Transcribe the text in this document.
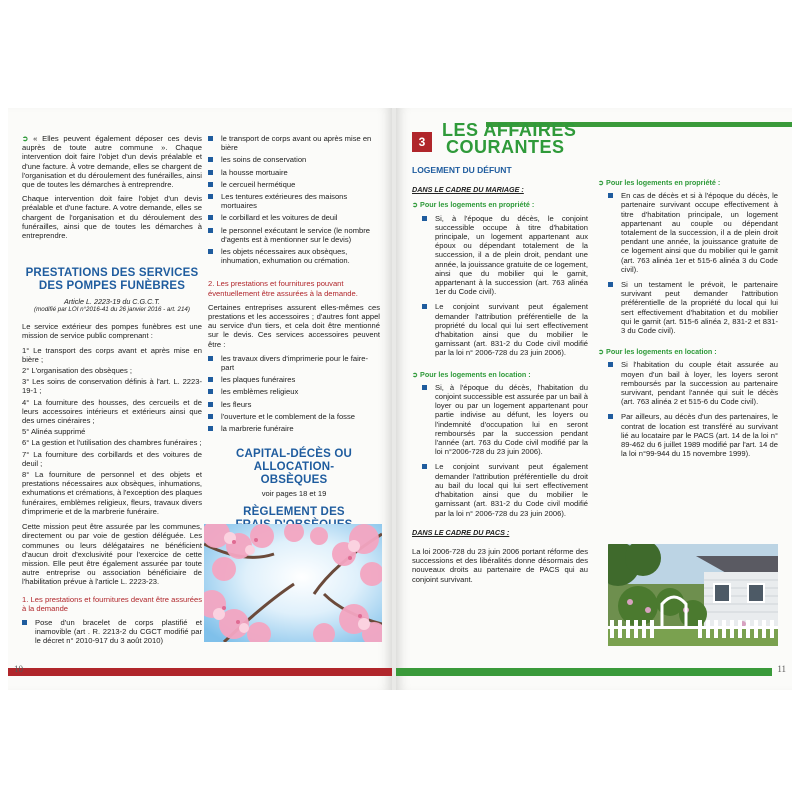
➲ « Elles peuvent également déposer ces devis auprès de toute autre commune ». Chaque intervention doit faire l'objet d'un devis préalable et d'une facture. À votre demande, elles se chargent de l'organisation et du déroulement des funérailles, ainsi que de toutes les démarches à entreprendre.

Chaque intervention doit faire l'objet d'un devis préalable et d'une facture. A votre demande, elles se chargent de l'organisation et du déroulement des funérailles, ainsi que de toutes les démarches à entreprendre.

PRESTATIONS DES SERVICES DES POMPES FUNÈBRES
Article L. 2223-19 du C.G.C.T.
(modifié par LOI n°2016-41 du 26 janvier 2016 - art. 214)

Le service extérieur des pompes funèbres est une mission de service public comprenant :

1° Le transport des corps avant et après mise en bière ;
2° L'organisation des obsèques ;
3° Les soins de conservation définis à l'art. L. 2223-19-1 ;
4° La fourniture des housses, des cercueils et de leurs accessoires intérieurs et extérieurs ainsi que des urnes cinéraires ;
5° Alinéa supprimé
6° La gestion et l'utilisation des chambres funéraires ;
7° La fourniture des corbillards et des voitures de deuil ;
8° La fourniture de personnel et des objets et prestations nécessaires aux obsèques, inhumations, exhumations et crémations, à l'exception des plaques funéraires, emblèmes religieux, fleurs, travaux divers d'imprimerie et de la marbrerie funéraire.

Cette mission peut être assurée par les communes, directement ou par voie de gestion déléguée. Les communes ou leurs délégataires ne bénéficient d'aucun droit d'exclusivité pour l'exercice de cette mission. Elle peut être également assurée par toute autre entreprise ou association bénéficiaire de l'habilitation prévue à l'article L. 2223-23.

1. Les prestations et fournitures devant être assurées à la demande

Pose d'un bracelet de corps plastifié et inamovible (art . R. 2213-2 du CGCT modifié par le décret n° 2010-917 du 3 août 2010)
le transport de corps avant ou après mise en bière
les soins de conservation
la housse mortuaire
le cercueil hermétique
Les tentures extérieures des maisons mortuaires
le corbillard et les voitures de deuil
le personnel exécutant le service (le nombre d'agents est à mentionner sur le devis)
les objets nécessaires aux obsèques, inhumation, exhumation ou crémation.

2. Les prestations et fournitures pouvant éventuellement être assurées à la demande.

Certaines entreprises assurent elles-mêmes ces prestations et les accessoires ; d'autres font appel au service d'un tiers, et cela doit être mentionné sur le devis. Ces services accessoires peuvent être :

les travaux divers d'imprimerie pour le faire-part
les plaques funéraires
les emblèmes religieux
les fleurs
l'ouverture et le comblement de la fosse
la marbrerie funéraire
CAPITAL-DÉCÈS OU ALLOCATION-OBSÈQUES
voir pages 18 et 19
RÈGLEMENT DES
10
3
LES AFFAIRES
COURANTES
LOGEMENT DU DÉFUNT
DANS LE CADRE DU MARIAGE :
➲ Pour les logements en propriété :
Si, à l'époque du décès, le conjoint successible occupe à titre d'habitation principale, un logement appartenant aux époux ou dépendant totalement de la succession, il a de plein droit, pendant une année, la jouissance gratuite de ce logement, ainsi que du mobilier qui le garnit, appartenant à la succession (art. 763 alinéa 1er du Code civil).
Le conjoint survivant peut également demander l'attribution préférentielle de la propriété du local qui lui sert effectivement d'habitation ainsi que du mobilier le garnissant (art. 831-2 du Code civil modifié par la loi n° 2006-728 du 23 juin 2006).
➲ Pour les logements en location :
Si, à l'époque du décès, l'habitation du conjoint successible est assurée par un bail à loyer ou par un logement appartenant pour partie indivise au défunt, les loyers ou l'indemnité d'occupation lui en seront remboursés par la succession pendant l'année (art. 763 du Code civil modifié par la loi n°2006-728 du 23 juin 2006).
Le conjoint survivant peut également demander l'attribution préférentielle du droit au bail du local qui lui sert effectivement d'habitation ainsi que du mobilier le garnissant (art. 831-2 du Code civil modifié par la loi n° 2006-728 du 23 juin 2006).
DANS LE CADRE DU PACS :

La loi 2006-728 du 23 juin 2006 portant réforme des successions et des libéralités donne désormais des nouveaux droits au partenaire de PACS qui au conjoint survivant.

➲ Pour les logements en propriété :
En cas de décès et si à l'époque du décès, le partenaire survivant occupe effectivement à titre d'habitation principale, un logement appartenant au couple ou dépendant totalement de la succession, il a de plein droit pendant une année, la jouissance gratuite de ce logement ainsi que du mobilier qui le garnit (art. 763 alinéa 1er et 515-6 alinéa 3 du Code civil).
Si un testament le prévoit, le partenaire survivant peut demander l'attribution préférentielle de la propriété du local qui lui sert effectivement d'habitation et du mobilier qui le garnit (art. 515-6 alinéa 2, 831-2 et 831-3 du Code civil).
➲ Pour les logements en location :
Si l'habitation du couple était assurée au moyen d'un bail à loyer, les loyers seront remboursés par la succession au partenaire survivant, pendant l'année qui suit le décès (art. 763 alinéa 2 et 515-6 du Code civil).
Par ailleurs, au décès d'un des partenaires, le contrat de location est transféré au survivant lié au locataire par le PACS (art. 14 de la loi n° 89-462 du 6 juillet 1989 modifié par l'art. 14 de la loi n°99-944 du 15 novembre 1999).
11
